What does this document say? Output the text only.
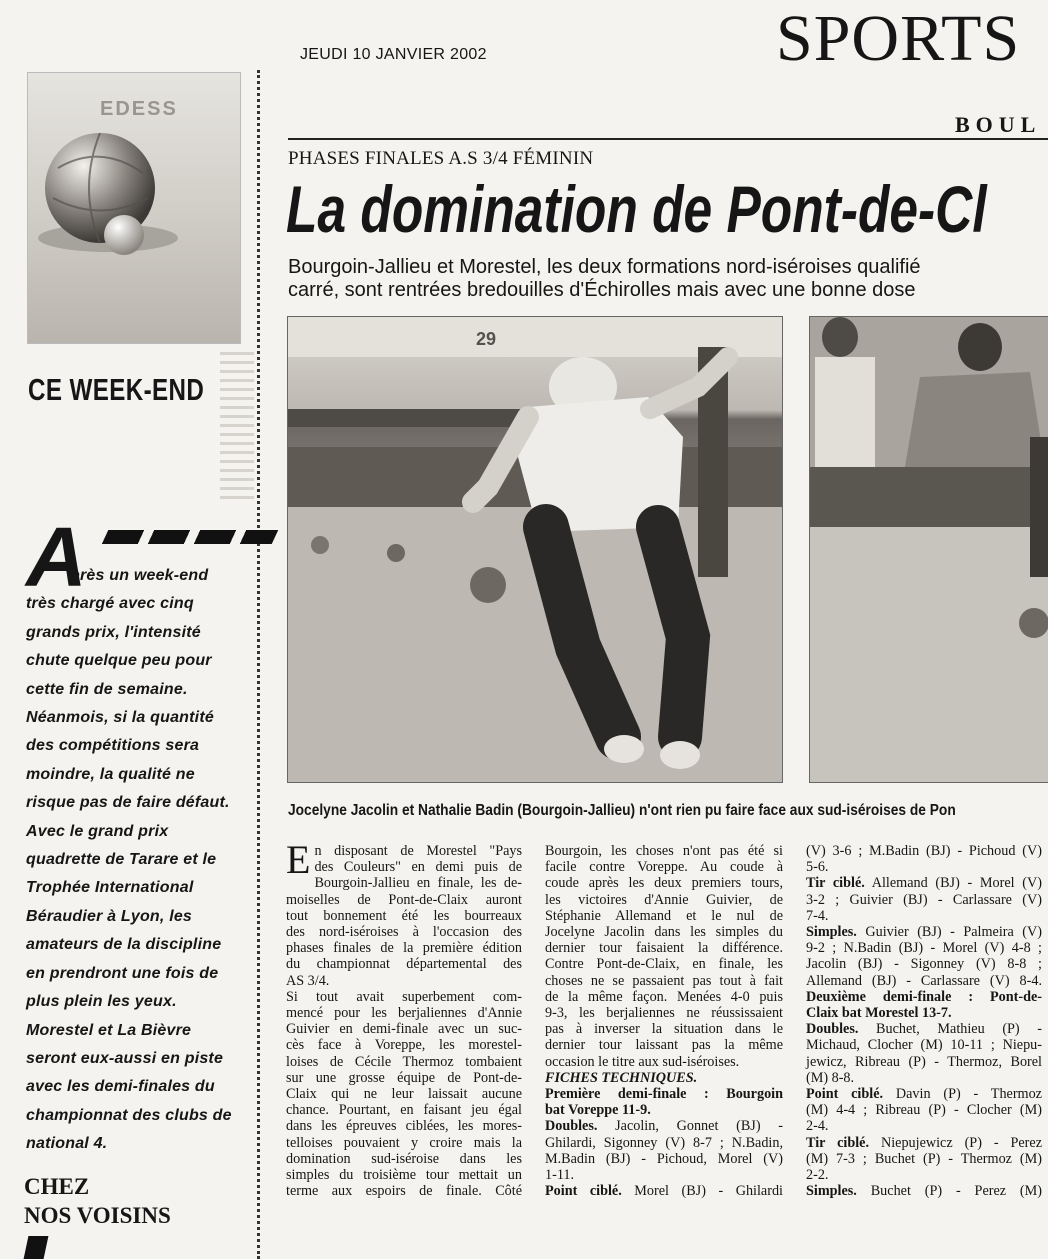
JEUDI 10 JANVIER 2002	SPORTS
BOUL
EDESS
CE WEEK-END
A
près un week-end
très chargé avec cinq
grands prix, l'intensité
chute quelque peu pour
cette fin de semaine.
Néanmois, si la quantité
des compétitions sera
moindre, la qualité ne
risque pas de faire défaut.
Avec le grand prix
quadrette de Tarare et le
Trophée International
Béraudier à Lyon, les
amateurs de la discipline
en prendront une fois de
plus plein les yeux.
Morestel et La Bièvre
seront eux-aussi en piste
avec les demi-finales du
championnat des clubs de
national 4.
CHEZ
NOS VOISINS
PHASES FINALES A.S 3/4 FÉMININ
La domination de Pont-de-Cl
Bourgoin-Jallieu et Morestel, les deux formations nord-iséroises qualifié
carré, sont rentrées bredouilles d'Échirolles mais avec une bonne dose
29
Jocelyne Jacolin et Nathalie Badin (Bourgoin-Jallieu) n'ont rien pu faire face aux sud-iséroises de Pon
E n disposant de Morestel "Pays
des Couleurs" en demi puis de
Bourgoin-Jallieu en finale, les de-
moiselles de Pont-de-Claix auront
tout bonnement été les bourreaux
des nord-iséroises à l'occasion des
phases finales de la première édition
du championnat départemental des
AS 3/4.
Si tout avait superbement com-
mencé pour les berjaliennes d'Annie
Guivier en demi-finale avec un suc-
cès face à Voreppe, les morestel-
loises de Cécile Thermoz tombaient
sur une grosse équipe de Pont-de-
Claix qui ne leur laissait aucune
chance. Pourtant, en faisant jeu égal
dans les épreuves ciblées, les mores-
telloises pouvaient y croire mais la
domination sud-iséroise dans les
simples du troisième tour mettait un
terme aux espoirs de finale. Côté
Bourgoin, les choses n'ont pas été si
facile contre Voreppe. Au coude à
coude après les deux premiers tours,
les victoires d'Annie Guivier, de
Stéphanie Allemand et le nul de
Jocelyne Jacolin dans les simples du
dernier tour faisaient la différence.
Contre Pont-de-Claix, en finale, les
choses ne se passaient pas tout à fait
de la même façon. Menées 4-0 puis
9-3, les berjaliennes ne réussissaient
pas à inverser la situation dans le
dernier tour laissant pas la même
occasion le titre aux sud-iséroises.
FICHES TECHNIQUES.
Première demi-finale : Bourgoin
bat Voreppe 11-9.
Doubles. Jacolin, Gonnet (BJ) -
Ghilardi, Sigonney (V) 8-7 ; N.Badin,
M.Badin (BJ) - Pichoud, Morel (V)
1-11.
Point ciblé. Morel (BJ) - Ghilardi
(V) 3-6 ; M.Badin (BJ) - Pichoud (V)
5-6.
Tir ciblé. Allemand (BJ) - Morel (V)
3-2 ; Guivier (BJ) - Carlassare (V)
7-4.
Simples. Guivier (BJ) - Palmeira (V)
9-2 ; N.Badin (BJ) - Morel (V) 4-8 ;
Jacolin (BJ) - Sigonney (V) 8-8 ;
Allemand (BJ) - Carlassare (V) 8-4.
Deuxième demi-finale : Pont-de-
Claix bat Morestel 13-7.
Doubles. Buchet, Mathieu (P) -
Michaud, Clocher (M) 10-11 ; Niepu-
jewicz, Ribreau (P) - Thermoz, Borel
(M) 8-8.
Point ciblé. Davin (P) - Thermoz
(M) 4-4 ; Ribreau (P) - Clocher (M)
2-4.
Tir ciblé. Niepujewicz (P) - Perez
(M) 7-3 ; Buchet (P) - Thermoz (M)
2-2.
Simples. Buchet (P) - Perez (M)
